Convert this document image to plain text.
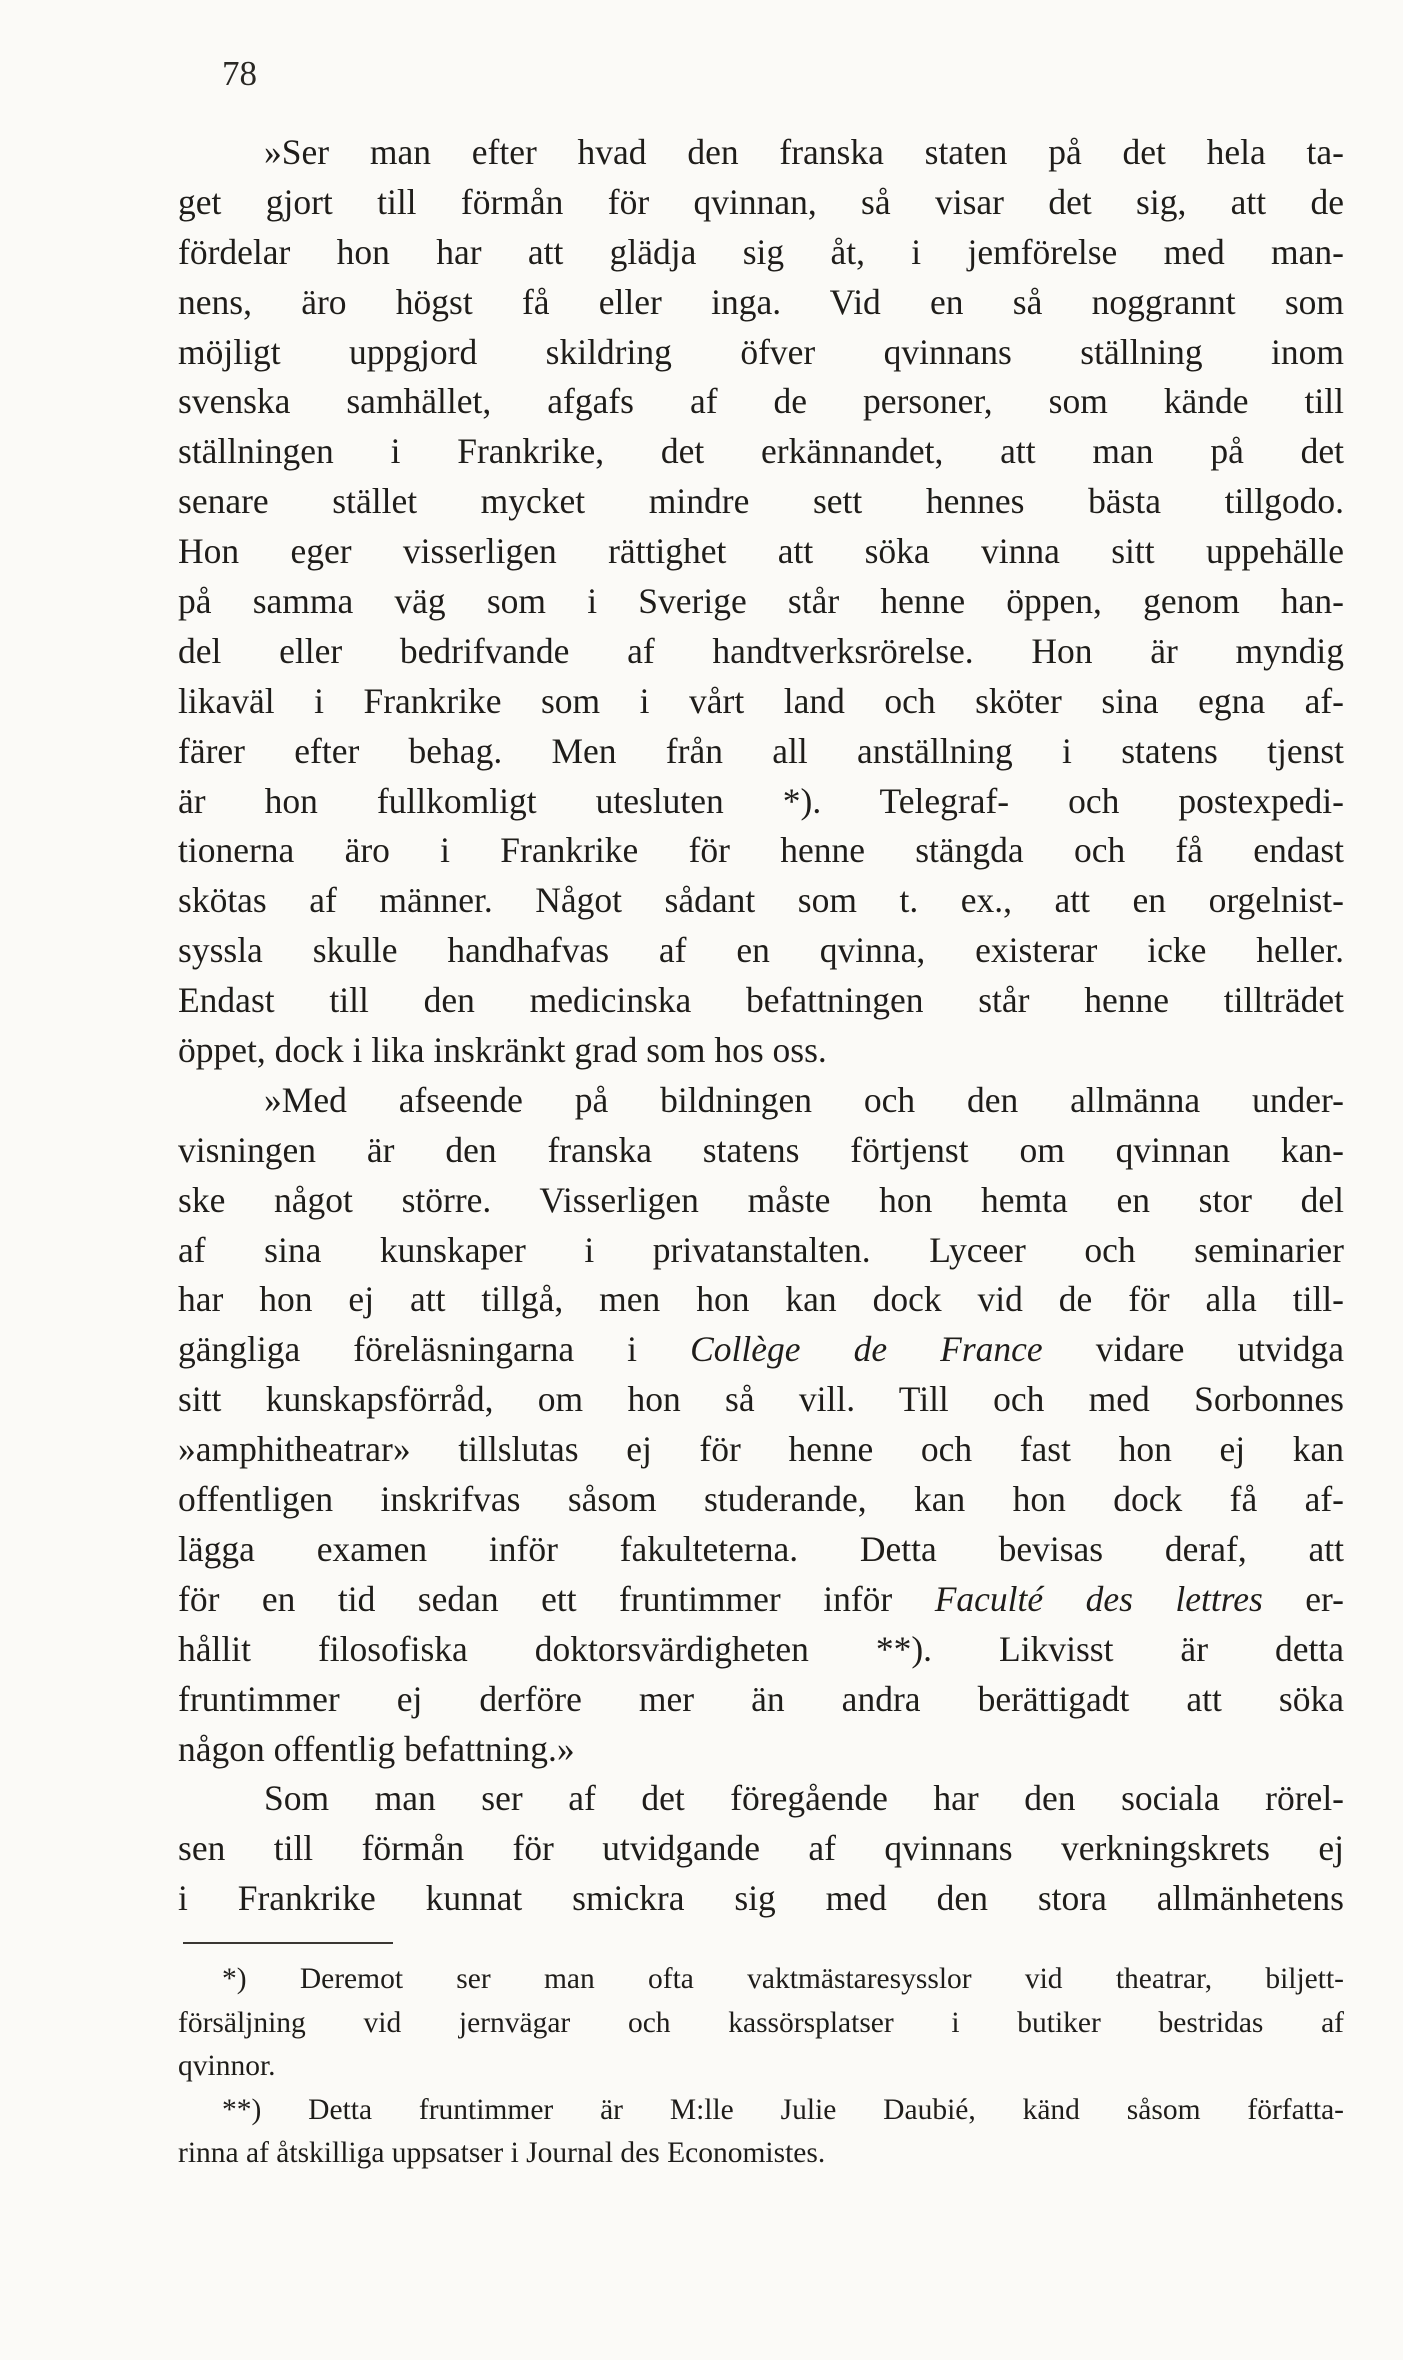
78
»Ser man efter hvad den franska staten på det hela ta-
get gjort till förmån för qvinnan, så visar det sig, att de
fördelar hon har att glädja sig åt, i jemförelse med man-
nens, äro högst få eller inga. Vid en så noggrannt som
möjligt uppgjord skildring öfver qvinnans ställning inom
svenska samhället, afgafs af de personer, som kände till
ställningen i Frankrike, det erkännandet, att man på det
senare stället mycket mindre sett hennes bästa tillgodo.
Hon eger visserligen rättighet att söka vinna sitt uppehälle
på samma väg som i Sverige står henne öppen, genom han-
del eller bedrifvande af handtverksrörelse. Hon är myndig
likaväl i Frankrike som i vårt land och sköter sina egna af-
färer efter behag. Men från all anställning i statens tjenst
är hon fullkomligt utesluten *). Telegraf- och postexpedi-
tionerna äro i Frankrike för henne stängda och få endast
skötas af männer. Något sådant som t. ex., att en orgelnist-
syssla skulle handhafvas af en qvinna, existerar icke heller.
Endast till den medicinska befattningen står henne tillträdet
öppet, dock i lika inskränkt grad som hos oss.
»Med afseende på bildningen och den allmänna under-
visningen är den franska statens förtjenst om qvinnan kan-
ske något större. Visserligen måste hon hemta en stor del
af sina kunskaper i privatanstalten. Lyceer och seminarier
har hon ej att tillgå, men hon kan dock vid de för alla till-
gängliga föreläsningarna i Collège de France vidare utvidga
sitt kunskapsförråd, om hon så vill. Till och med Sorbonnes
»amphitheatrar» tillslutas ej för henne och fast hon ej kan
offentligen inskrifvas såsom studerande, kan hon dock få af-
lägga examen inför fakulteterna. Detta bevisas deraf, att
för en tid sedan ett fruntimmer inför Faculté des lettres er-
hållit filosofiska doktorsvärdigheten **). Likvisst är detta
fruntimmer ej derföre mer än andra berättigadt att söka
någon offentlig befattning.»
Som man ser af det föregående har den sociala rörel-
sen till förmån för utvidgande af qvinnans verkningskrets ej
i Frankrike kunnat smickra sig med den stora allmänhetens
*) Deremot ser man ofta vaktmästaresysslor vid theatrar, biljett-
försäljning vid jernvägar och kassörsplatser i butiker bestridas af
qvinnor.
**) Detta fruntimmer är M:lle Julie Daubié, känd såsom författa-
rinna af åtskilliga uppsatser i Journal des Economistes.
